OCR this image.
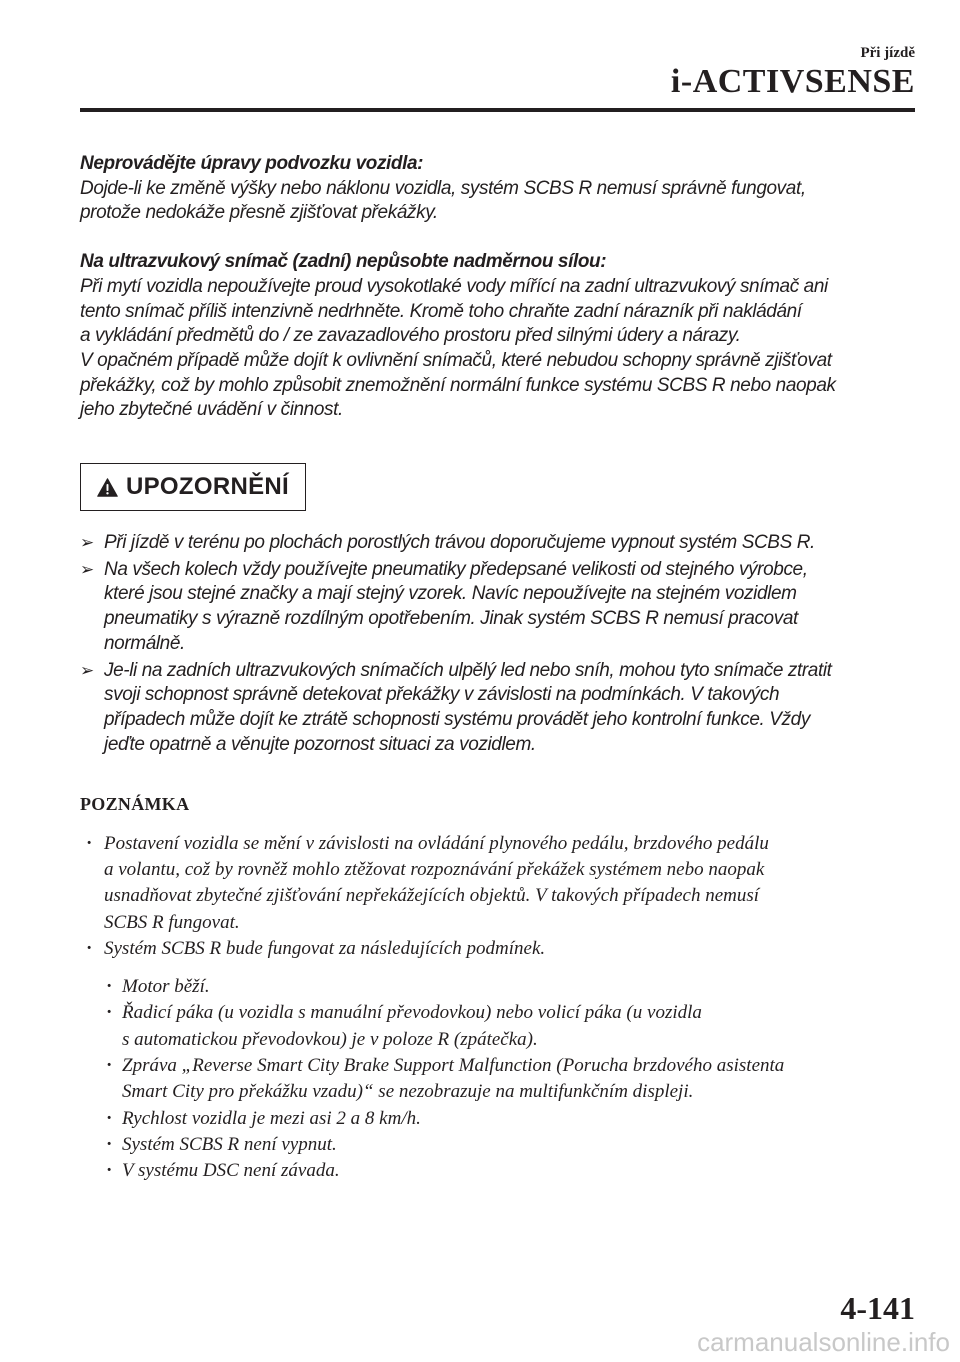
Při jízdě
i-ACTIVSENSE
Neprovádějte úpravy podvozku vozidla:
Dojde-li ke změně výšky nebo náklonu vozidla, systém SCBS R nemusí správně fungovat,
protože nedokáže přesně zjišťovat překážky.
Na ultrazvukový snímač (zadní) nepůsobte nadměrnou sílou:
Při mytí vozidla nepoužívejte proud vysokotlaké vody mířící na zadní ultrazvukový snímač ani
tento snímač příliš intenzivně nedrhněte. Kromě toho chraňte zadní nárazník při nakládání
a vykládání předmětů do / ze zavazadlového prostoru před silnými údery a nárazy.
V opačném případě může dojít k ovlivnění snímačů, které nebudou schopny správně zjišťovat
překážky, což by mohlo způsobit znemožnění normální funkce systému SCBS R nebo naopak
jeho zbytečné uvádění v činnost.
UPOZORNĚNÍ
➢ Při jízdě v terénu po plochách porostlých trávou doporučujeme vypnout systém SCBS R.
➢ Na všech kolech vždy používejte pneumatiky předepsané velikosti od stejného výrobce,
které jsou stejné značky a mají stejný vzorek. Navíc nepoužívejte na stejném vozidlem
pneumatiky s výrazně rozdílným opotřebením. Jinak systém SCBS R nemusí pracovat
normálně.
➢ Je-li na zadních ultrazvukových snímačích ulpělý led nebo sníh, mohou tyto snímače ztratit
svoji schopnost správně detekovat překážky v závislosti na podmínkách. V takových
případech může dojít ke ztrátě schopnosti systému provádět jeho kontrolní funkce. Vždy
jeďte opatrně a věnujte pozornost situaci za vozidlem.
POZNÁMKA
· Postavení vozidla se mění v závislosti na ovládání plynového pedálu, brzdového pedálu
a volantu, což by rovněž mohlo ztěžovat rozpoznávání překážek systémem nebo naopak
usnadňovat zbytečné zjišťování nepřekážejících objektů. V takových případech nemusí
SCBS R fungovat.
· Systém SCBS R bude fungovat za následujících podmínek.
· Motor běží.
· Řadicí páka (u vozidla s manuální převodovkou) nebo volicí páka (u vozidla
s automatickou převodovkou) je v poloze R (zpátečka).
· Zpráva „Reverse Smart City Brake Support Malfunction (Porucha brzdového asistenta
Smart City pro překážku vzadu)“ se nezobrazuje na multifunkčním displeji.
· Rychlost vozidla je mezi asi 2 a 8 km/h.
· Systém SCBS R není vypnut.
· V systému DSC není závada.
4-141
carmanualsonline.info
